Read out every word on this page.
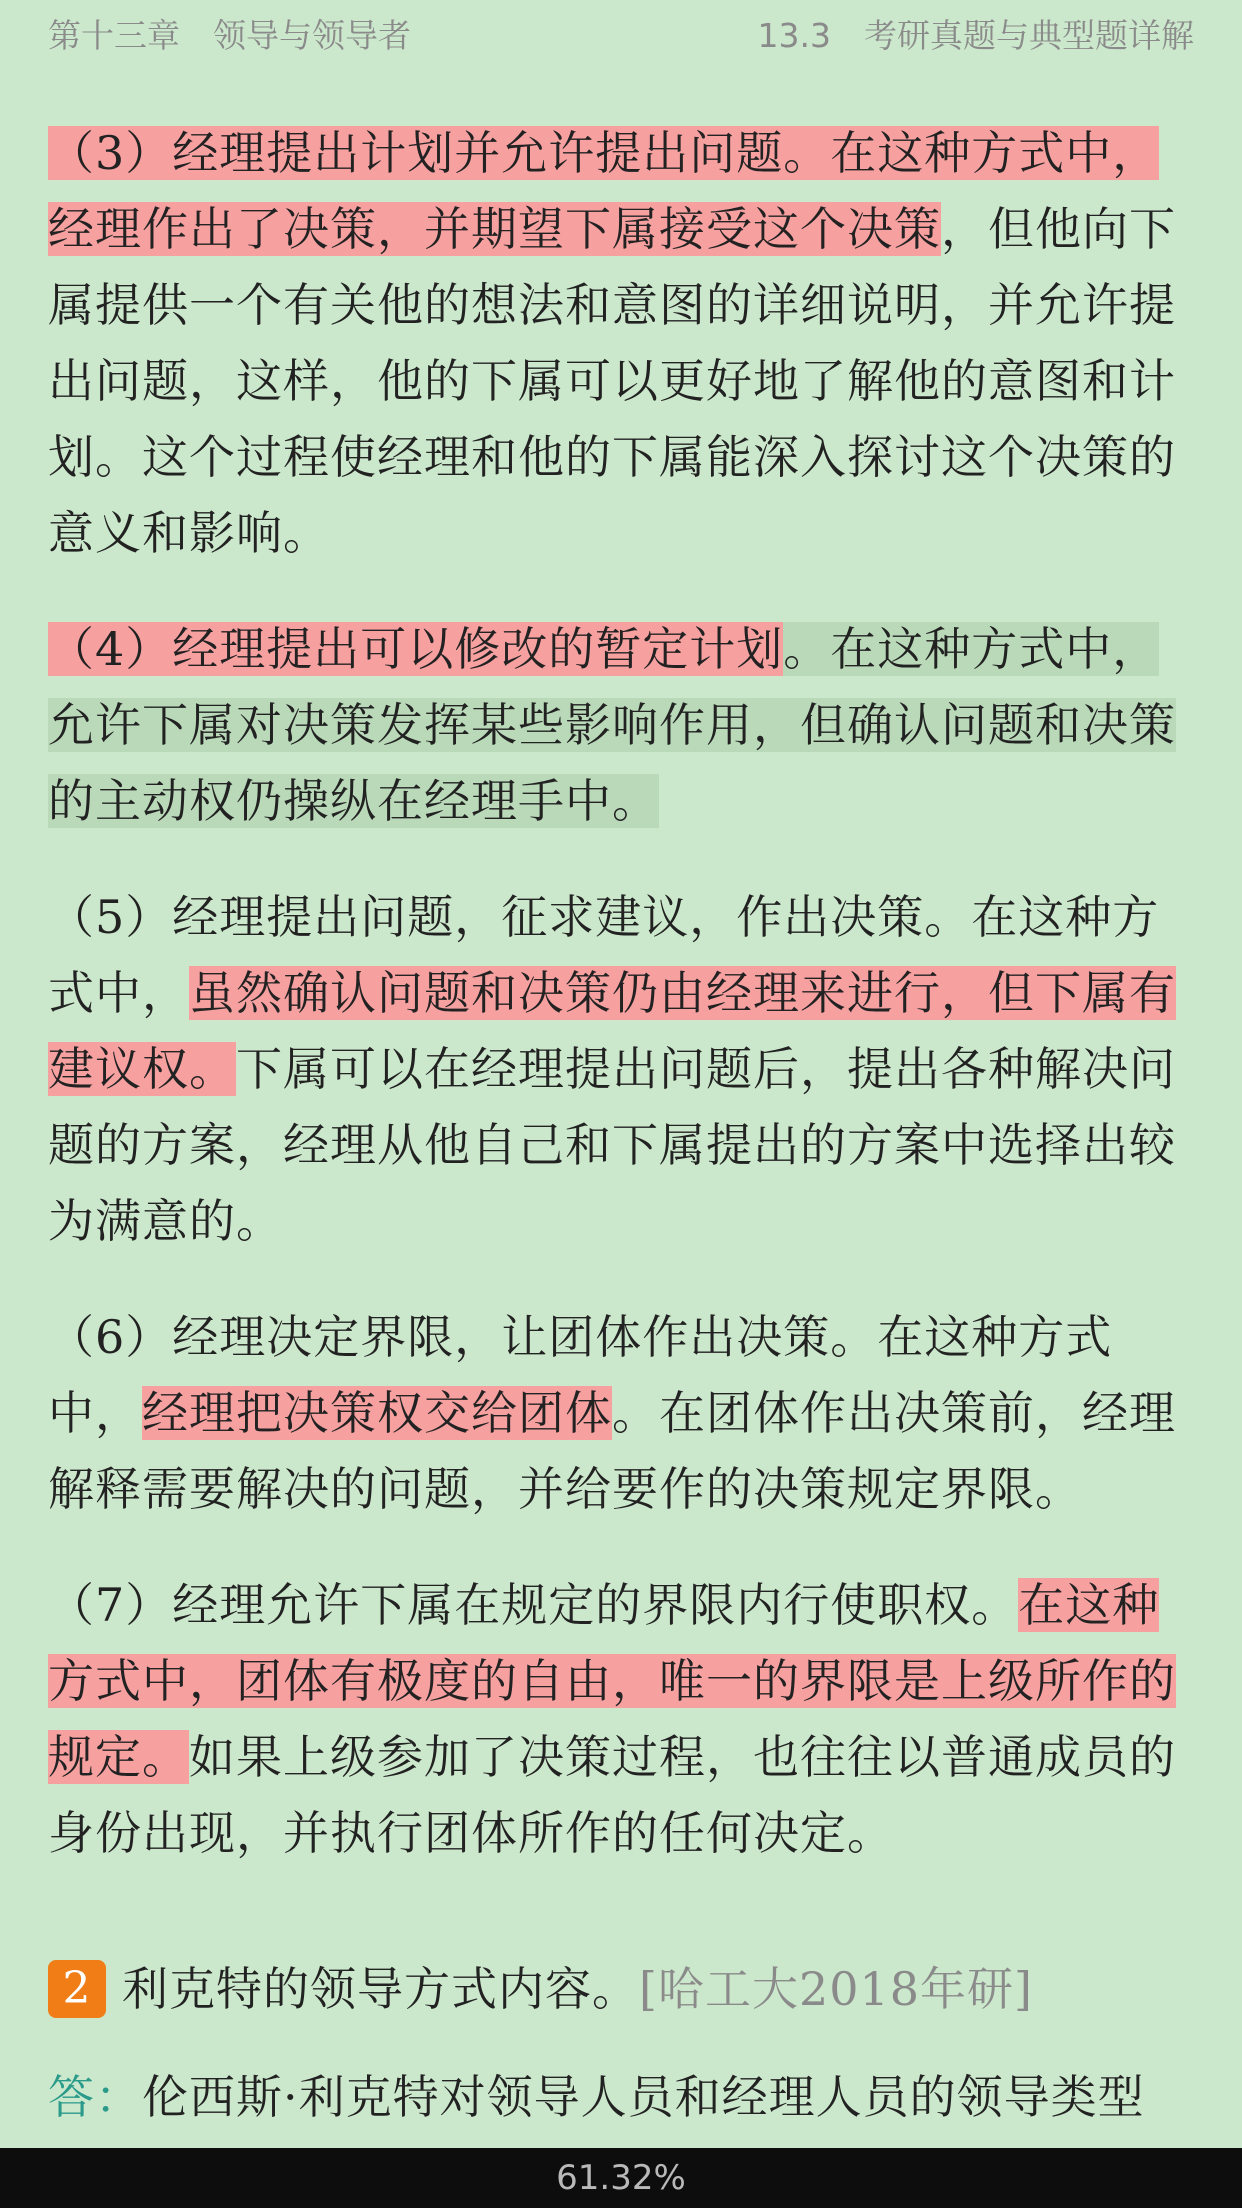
第十三章　领导与领导者	13.3　考研真题与典型题详解

（3）经理提出计划并允许提出问题。在这种方式中，经理作出了决策，并期望下属接受这个决策，但他向下属提供一个有关他的想法和意图的详细说明，并允许提出问题，这样，他的下属可以更好地了解他的意图和计划。这个过程使经理和他的下属能深入探讨这个决策的意义和影响。

（4）经理提出可以修改的暂定计划。在这种方式中，允许下属对决策发挥某些影响作用，但确认问题和决策的主动权仍操纵在经理手中。

（5）经理提出问题，征求建议，作出决策。在这种方式中，虽然确认问题和决策仍由经理来进行，但下属有建议权。下属可以在经理提出问题后，提出各种解决问题的方案，经理从他自己和下属提出的方案中选择出较为满意的。

（6）经理决定界限，让团体作出决策。在这种方式中，经理把决策权交给团体。在团体作出决策前，经理解释需要解决的问题，并给要作的决策规定界限。

（7）经理允许下属在规定的界限内行使职权。在这种方式中，团体有极度的自由，唯一的界限是上级所作的规定。如果上级参加了决策过程，也往往以普通成员的身份出现，并执行团体所作的任何决定。

2 利克特的领导方式内容。 [哈工大2018年研]
答：伦西斯·利克特对领导人员和经理人员的领导类型
61.32%
